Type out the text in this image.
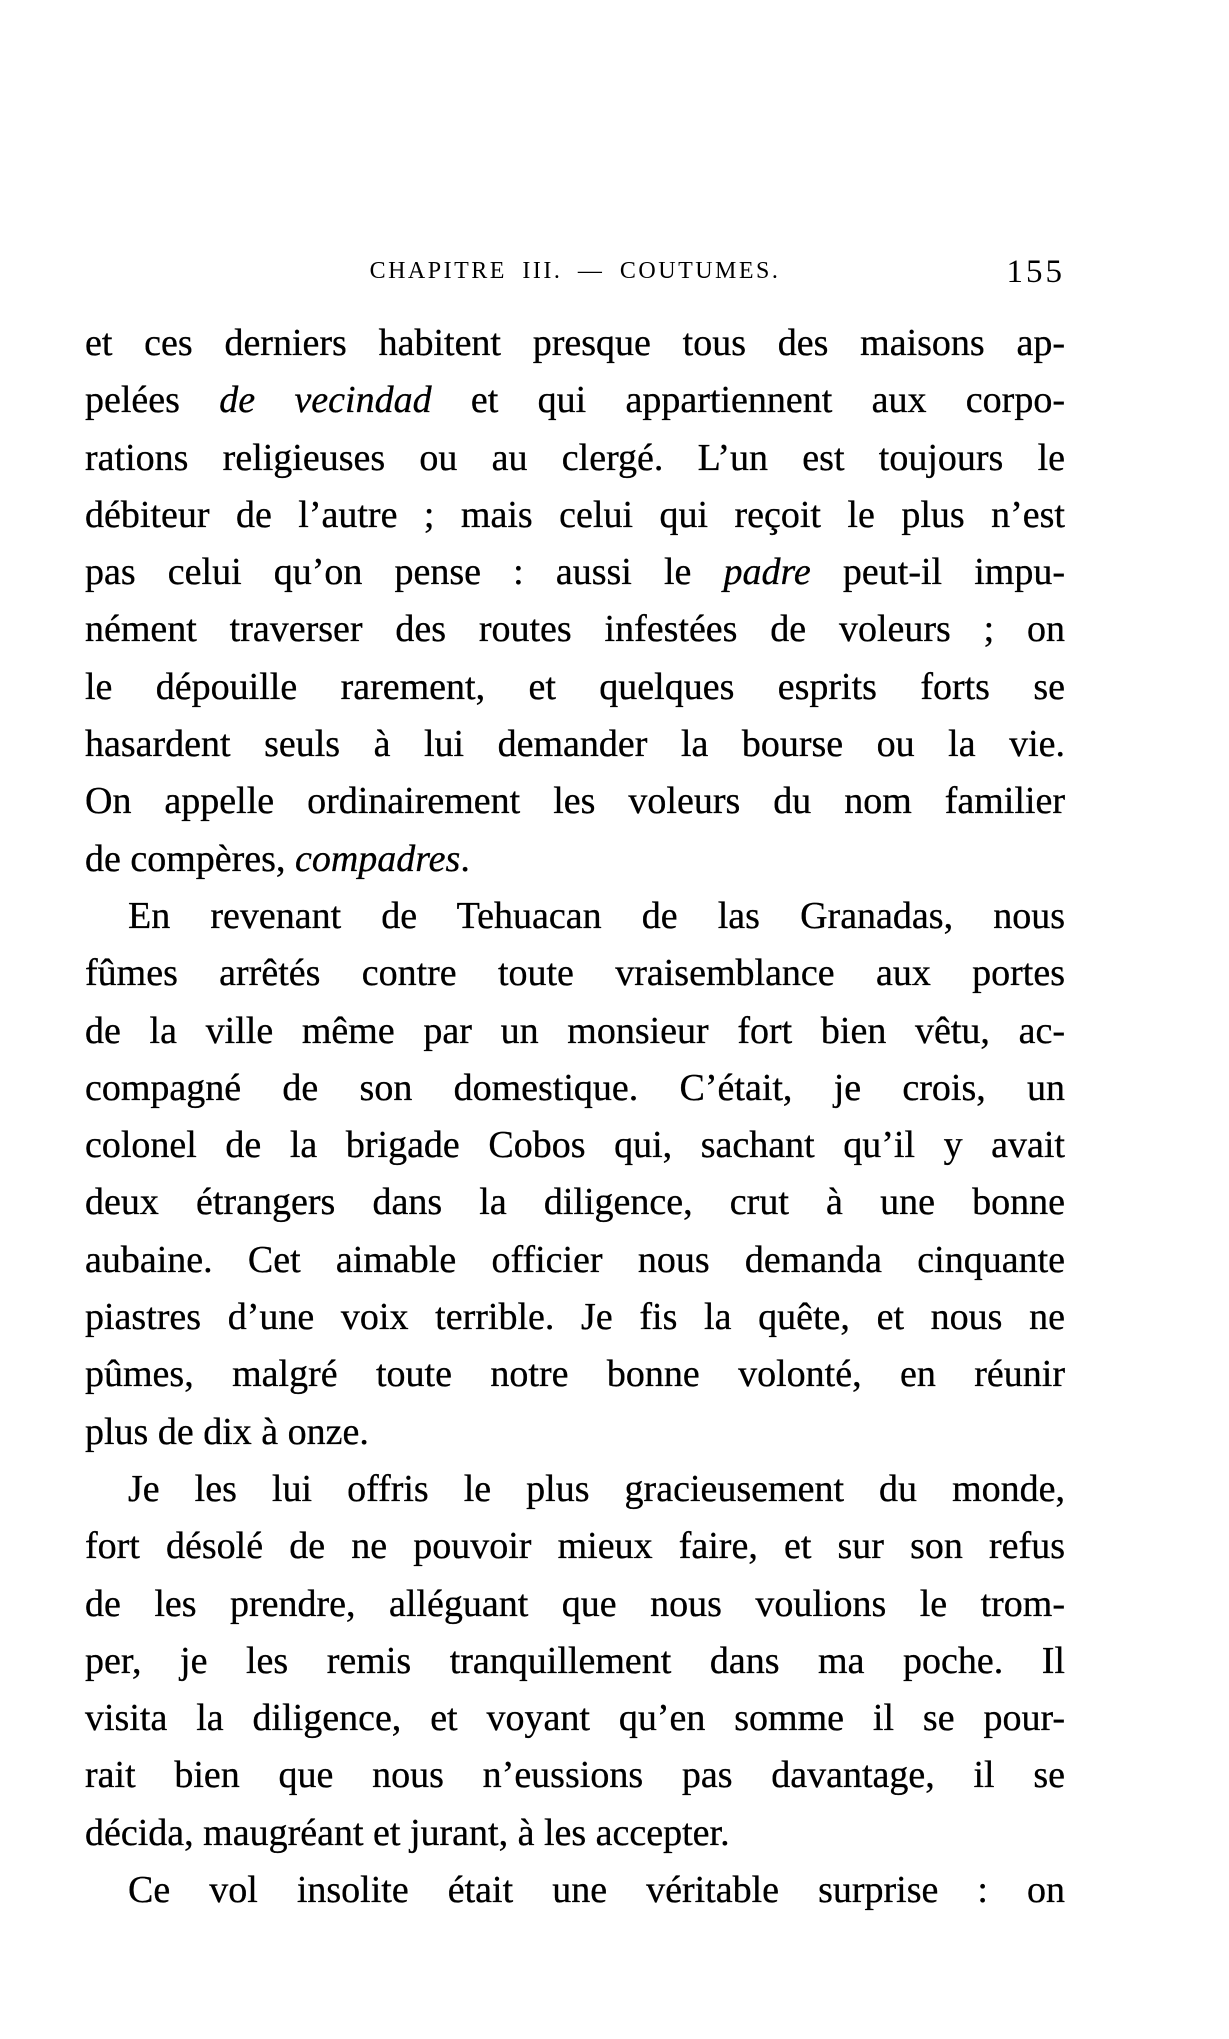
CHAPITRE III. — COUTUMES.	155
et ces derniers habitent presque tous des maisons ap-
pelées de vecindad et qui appartiennent aux corpo-
rations religieuses ou au clergé. L’un est toujours le
débiteur de l’autre ; mais celui qui reçoit le plus n’est
pas celui qu’on pense : aussi le padre peut-il impu-
nément traverser des routes infestées de voleurs ; on
le dépouille rarement, et quelques esprits forts se
hasardent seuls à lui demander la bourse ou la vie.
On appelle ordinairement les voleurs du nom familier
de compères, compadres.
En revenant de Tehuacan de las Granadas, nous
fûmes arrêtés contre toute vraisemblance aux portes
de la ville même par un monsieur fort bien vêtu, ac-
compagné de son domestique. C’était, je crois, un
colonel de la brigade Cobos qui, sachant qu’il y avait
deux étrangers dans la diligence, crut à une bonne
aubaine. Cet aimable officier nous demanda cinquante
piastres d’une voix terrible. Je fis la quête, et nous ne
pûmes, malgré toute notre bonne volonté, en réunir
plus de dix à onze.
Je les lui offris le plus gracieusement du monde,
fort désolé de ne pouvoir mieux faire, et sur son refus
de les prendre, alléguant que nous voulions le trom-
per, je les remis tranquillement dans ma poche. Il
visita la diligence, et voyant qu’en somme il se pour-
rait bien que nous n’eussions pas davantage, il se
décida, maugréant et jurant, à les accepter.
Ce vol insolite était une véritable surprise : on
